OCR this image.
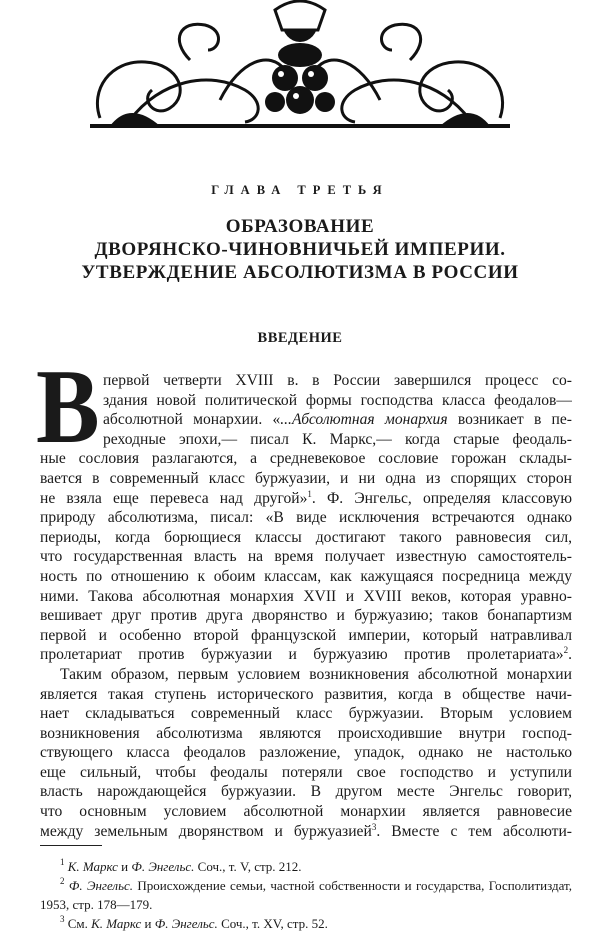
ГЛАВА ТРЕТЬЯ
ОБРАЗОВАНИЕ
ДВОРЯНСКО-ЧИНОВНИЧЬЕЙ ИМПЕРИИ.
УТВЕРЖДЕНИЕ АБСОЛЮТИЗМА В РОССИИ
ВВЕДЕНИЕ
В первой четверти XVIII в. в России завершился процесс со-
здания новой политической формы господства класса феодалов—
абсолютной монархии. «...Абсолютная монархия возникает в пе-
реходные эпохи,— писал К. Маркс,— когда старые феодаль-
ные сословия разлагаются, а средневековое сословие горожан склады-
вается в современный класс буржуазии, и ни одна из спорящих сторон
не взяла еще перевеса над другой»$^1$. Ф. Энгельс, определяя классовую
природу абсолютизма, писал: «В виде исключения встречаются однако
периоды, когда борющиеся классы достигают такого равновесия сил,
что государственная власть на время получает известную самостоятель-
ность по отношению к обоим классам, как кажущаяся посредница между
ними. Такова абсолютная монархия XVII и XVIII веков, которая уравно-
вешивает друг против друга дворянство и буржуазию; таков бонапартизм
первой и особенно второй французской империи, который натравливал
пролетариат против буржуазии и буржуазию против пролетариата»$^2$.
Таким образом, первым условием возникновения абсолютной монархии
является такая ступень исторического развития, когда в обществе начи-
нает складываться современный класс буржуазии. Вторым условием
возникновения абсолютизма являются происходившие внутри господ-
ствующего класса феодалов разложение, упадок, однако не настолько
еще сильный, чтобы феодалы потеряли свое господство и уступили
власть нарождающейся буржуазии. В другом месте Энгельс говорит,
что основным условием абсолютной монархии является равновесие
между земельным дворянством и буржуазией$^3$. Вместе с тем абсолюти-
$^1$ К. Маркс и Ф. Энгельс. Соч., т. V, стр. 212.
$^2$ Ф. Энгельс. Происхождение семьи, частной собственности и государства, Госполитиздат, 1953, стр. 178—179.
$^3$ См. К. Маркс и Ф. Энгельс. Соч., т. XV, стр. 52.
